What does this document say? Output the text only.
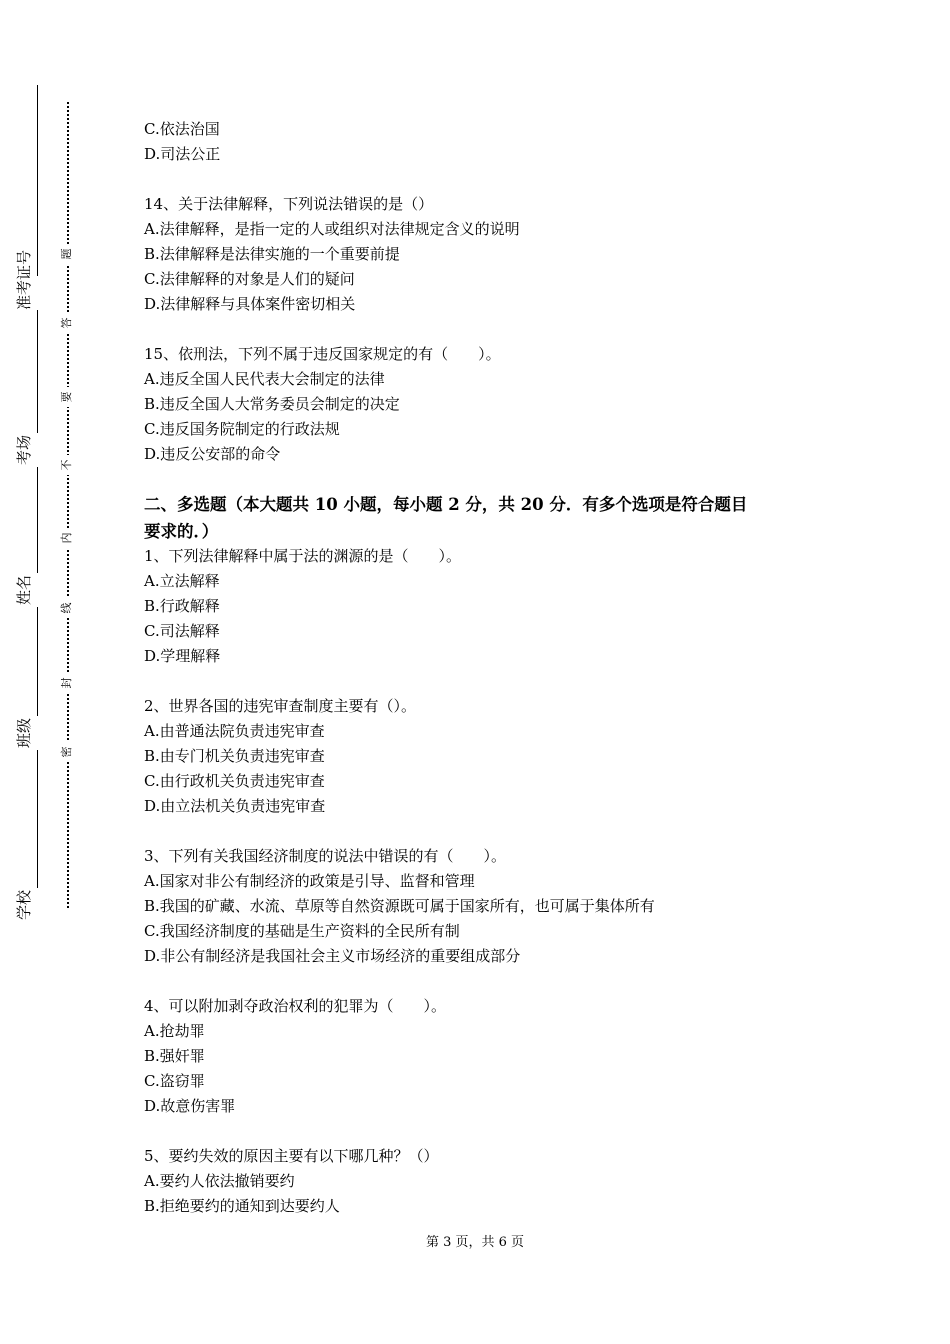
学校
班级
姓名
考场
准考证号
密
封
线
内
不
要
答
题
C.依法治国
D.司法公正
14、关于法律解释，下列说法错误的是（）
A.法律解释，是指一定的人或组织对法律规定含义的说明
B.法律解释是法律实施的一个重要前提
C.法律解释的对象是人们的疑问
D.法律解释与具体案件密切相关
15、依刑法，下列不属于违反国家规定的有（　　）。
A.违反全国人民代表大会制定的法律
B.违反全国人大常务委员会制定的决定
C.违反国务院制定的行政法规
D.违反公安部的命令
二、多选题（本大题共 10 小题，每小题 2 分，共 20 分．有多个选项是符合题目
要求的．）
1、下列法律解释中属于法的渊源的是（　　）。
A.立法解释
B.行政解释
C.司法解释
D.学理解释
2、世界各国的违宪审查制度主要有（）。
A.由普通法院负责违宪审查
B.由专门机关负责违宪审查
C.由行政机关负责违宪审查
D.由立法机关负责违宪审查
3、下列有关我国经济制度的说法中错误的有（　　）。
A.国家对非公有制经济的政策是引导、监督和管理
B.我国的矿藏、水流、草原等自然资源既可属于国家所有，也可属于集体所有
C.我国经济制度的基础是生产资料的全民所有制
D.非公有制经济是我国社会主义市场经济的重要组成部分
4、可以附加剥夺政治权利的犯罪为（　　）。
A.抢劫罪
B.强奸罪
C.盗窃罪
D.故意伤害罪
5、要约失效的原因主要有以下哪几种？（）
A.要约人依法撤销要约
B.拒绝要约的通知到达要约人
第 3 页，共 6 页
